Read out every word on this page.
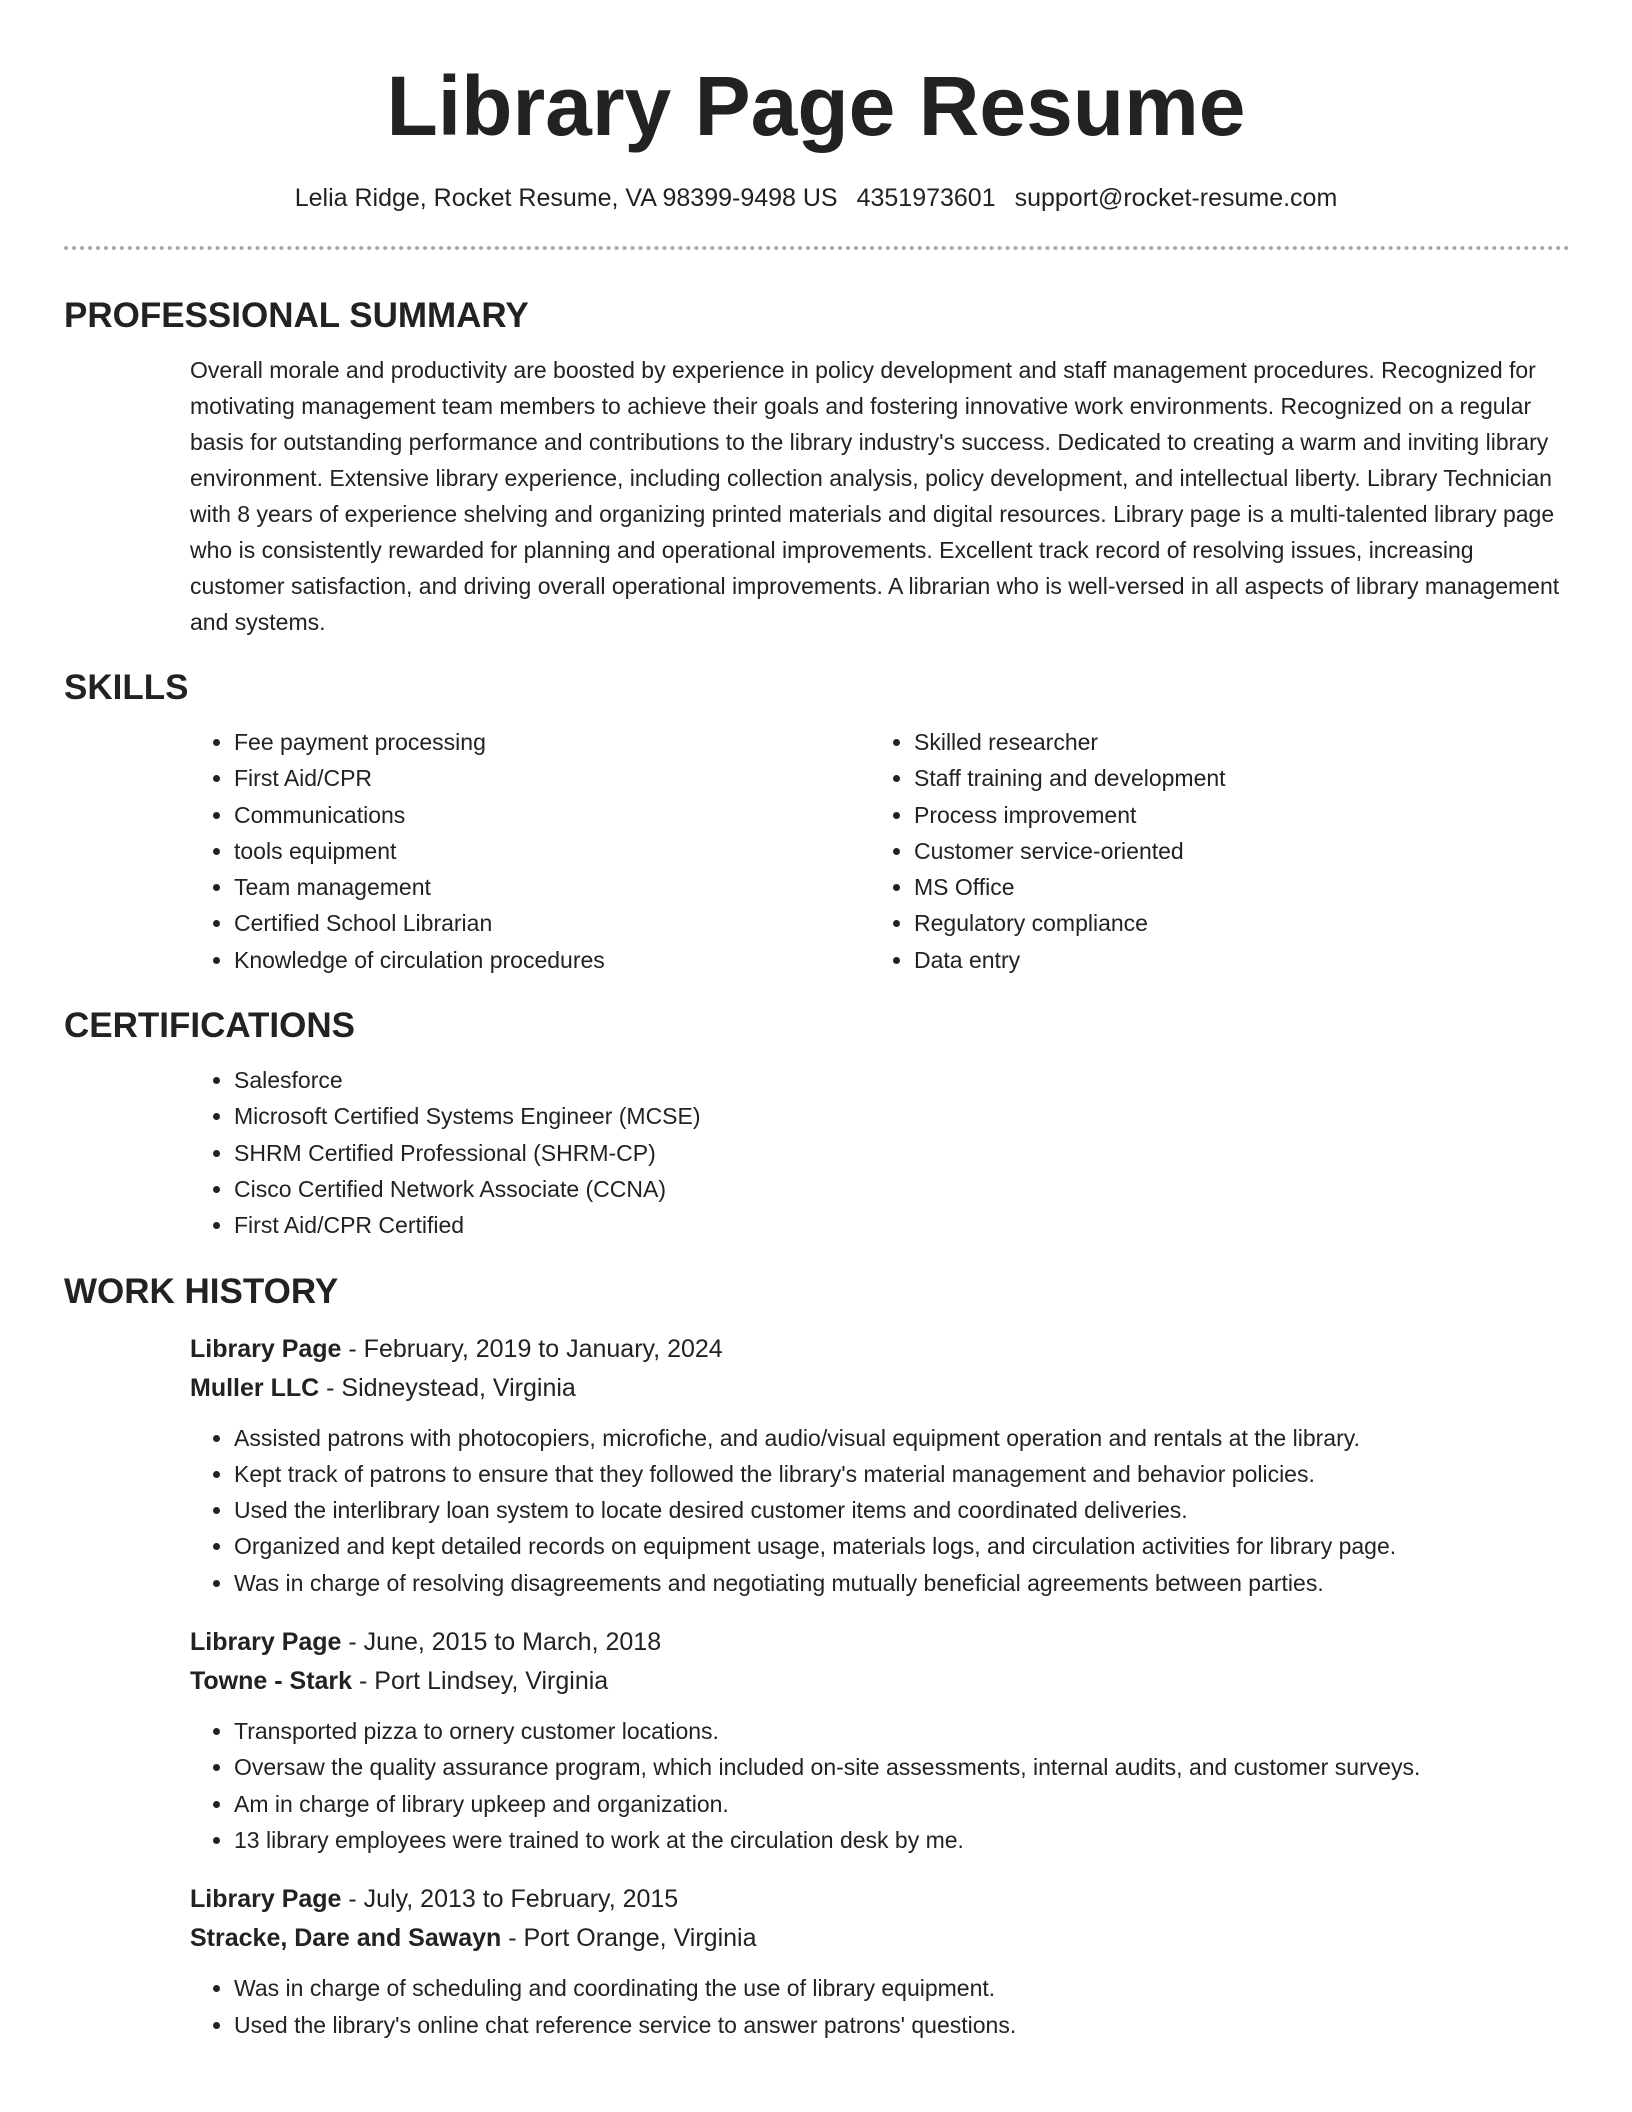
Library Page Resume
Lelia Ridge, Rocket Resume, VA 98399-9498 US 4351973601 support@rocket-resume.com
PROFESSIONAL SUMMARY

Overall morale and productivity are boosted by experience in policy development and staff management procedures. Recognized for motivating management team members to achieve their goals and fostering innovative work environments. Recognized on a regular basis for outstanding performance and contributions to the library industry's success. Dedicated to creating a warm and inviting library environment. Extensive library experience, including collection analysis, policy development, and intellectual liberty. Library Technician with 8 years of experience shelving and organizing printed materials and digital resources. Library page is a multi-talented library page who is consistently rewarded for planning and operational improvements. Excellent track record of resolving issues, increasing customer satisfaction, and driving overall operational improvements. A librarian who is well-versed in all aspects of library management and systems.

SKILLS
• Fee payment processing
• First Aid/CPR
• Communications
• tools equipment
• Team management
• Certified School Librarian
• Knowledge of circulation procedures
• Skilled researcher
• Staff training and development
• Process improvement
• Customer service-oriented
• MS Office
• Regulatory compliance
• Data entry
CERTIFICATIONS
• Salesforce
• Microsoft Certified Systems Engineer (MCSE)
• SHRM Certified Professional (SHRM-CP)
• Cisco Certified Network Associate (CCNA)
• First Aid/CPR Certified
WORK HISTORY
Library Page - February, 2019 to January, 2024
Muller LLC - Sidneystead, Virginia
• Assisted patrons with photocopiers, microfiche, and audio/visual equipment operation and rentals at the library.
• Kept track of patrons to ensure that they followed the library's material management and behavior policies.
• Used the interlibrary loan system to locate desired customer items and coordinated deliveries.
• Organized and kept detailed records on equipment usage, materials logs, and circulation activities for library page.
• Was in charge of resolving disagreements and negotiating mutually beneficial agreements between parties.
Library Page - June, 2015 to March, 2018
Towne - Stark - Port Lindsey, Virginia
• Transported pizza to ornery customer locations.
• Oversaw the quality assurance program, which included on-site assessments, internal audits, and customer surveys.
• Am in charge of library upkeep and organization.
• 13 library employees were trained to work at the circulation desk by me.
Library Page - July, 2013 to February, 2015
Stracke, Dare and Sawayn - Port Orange, Virginia
• Was in charge of scheduling and coordinating the use of library equipment.
• Used the library's online chat reference service to answer patrons' questions.
